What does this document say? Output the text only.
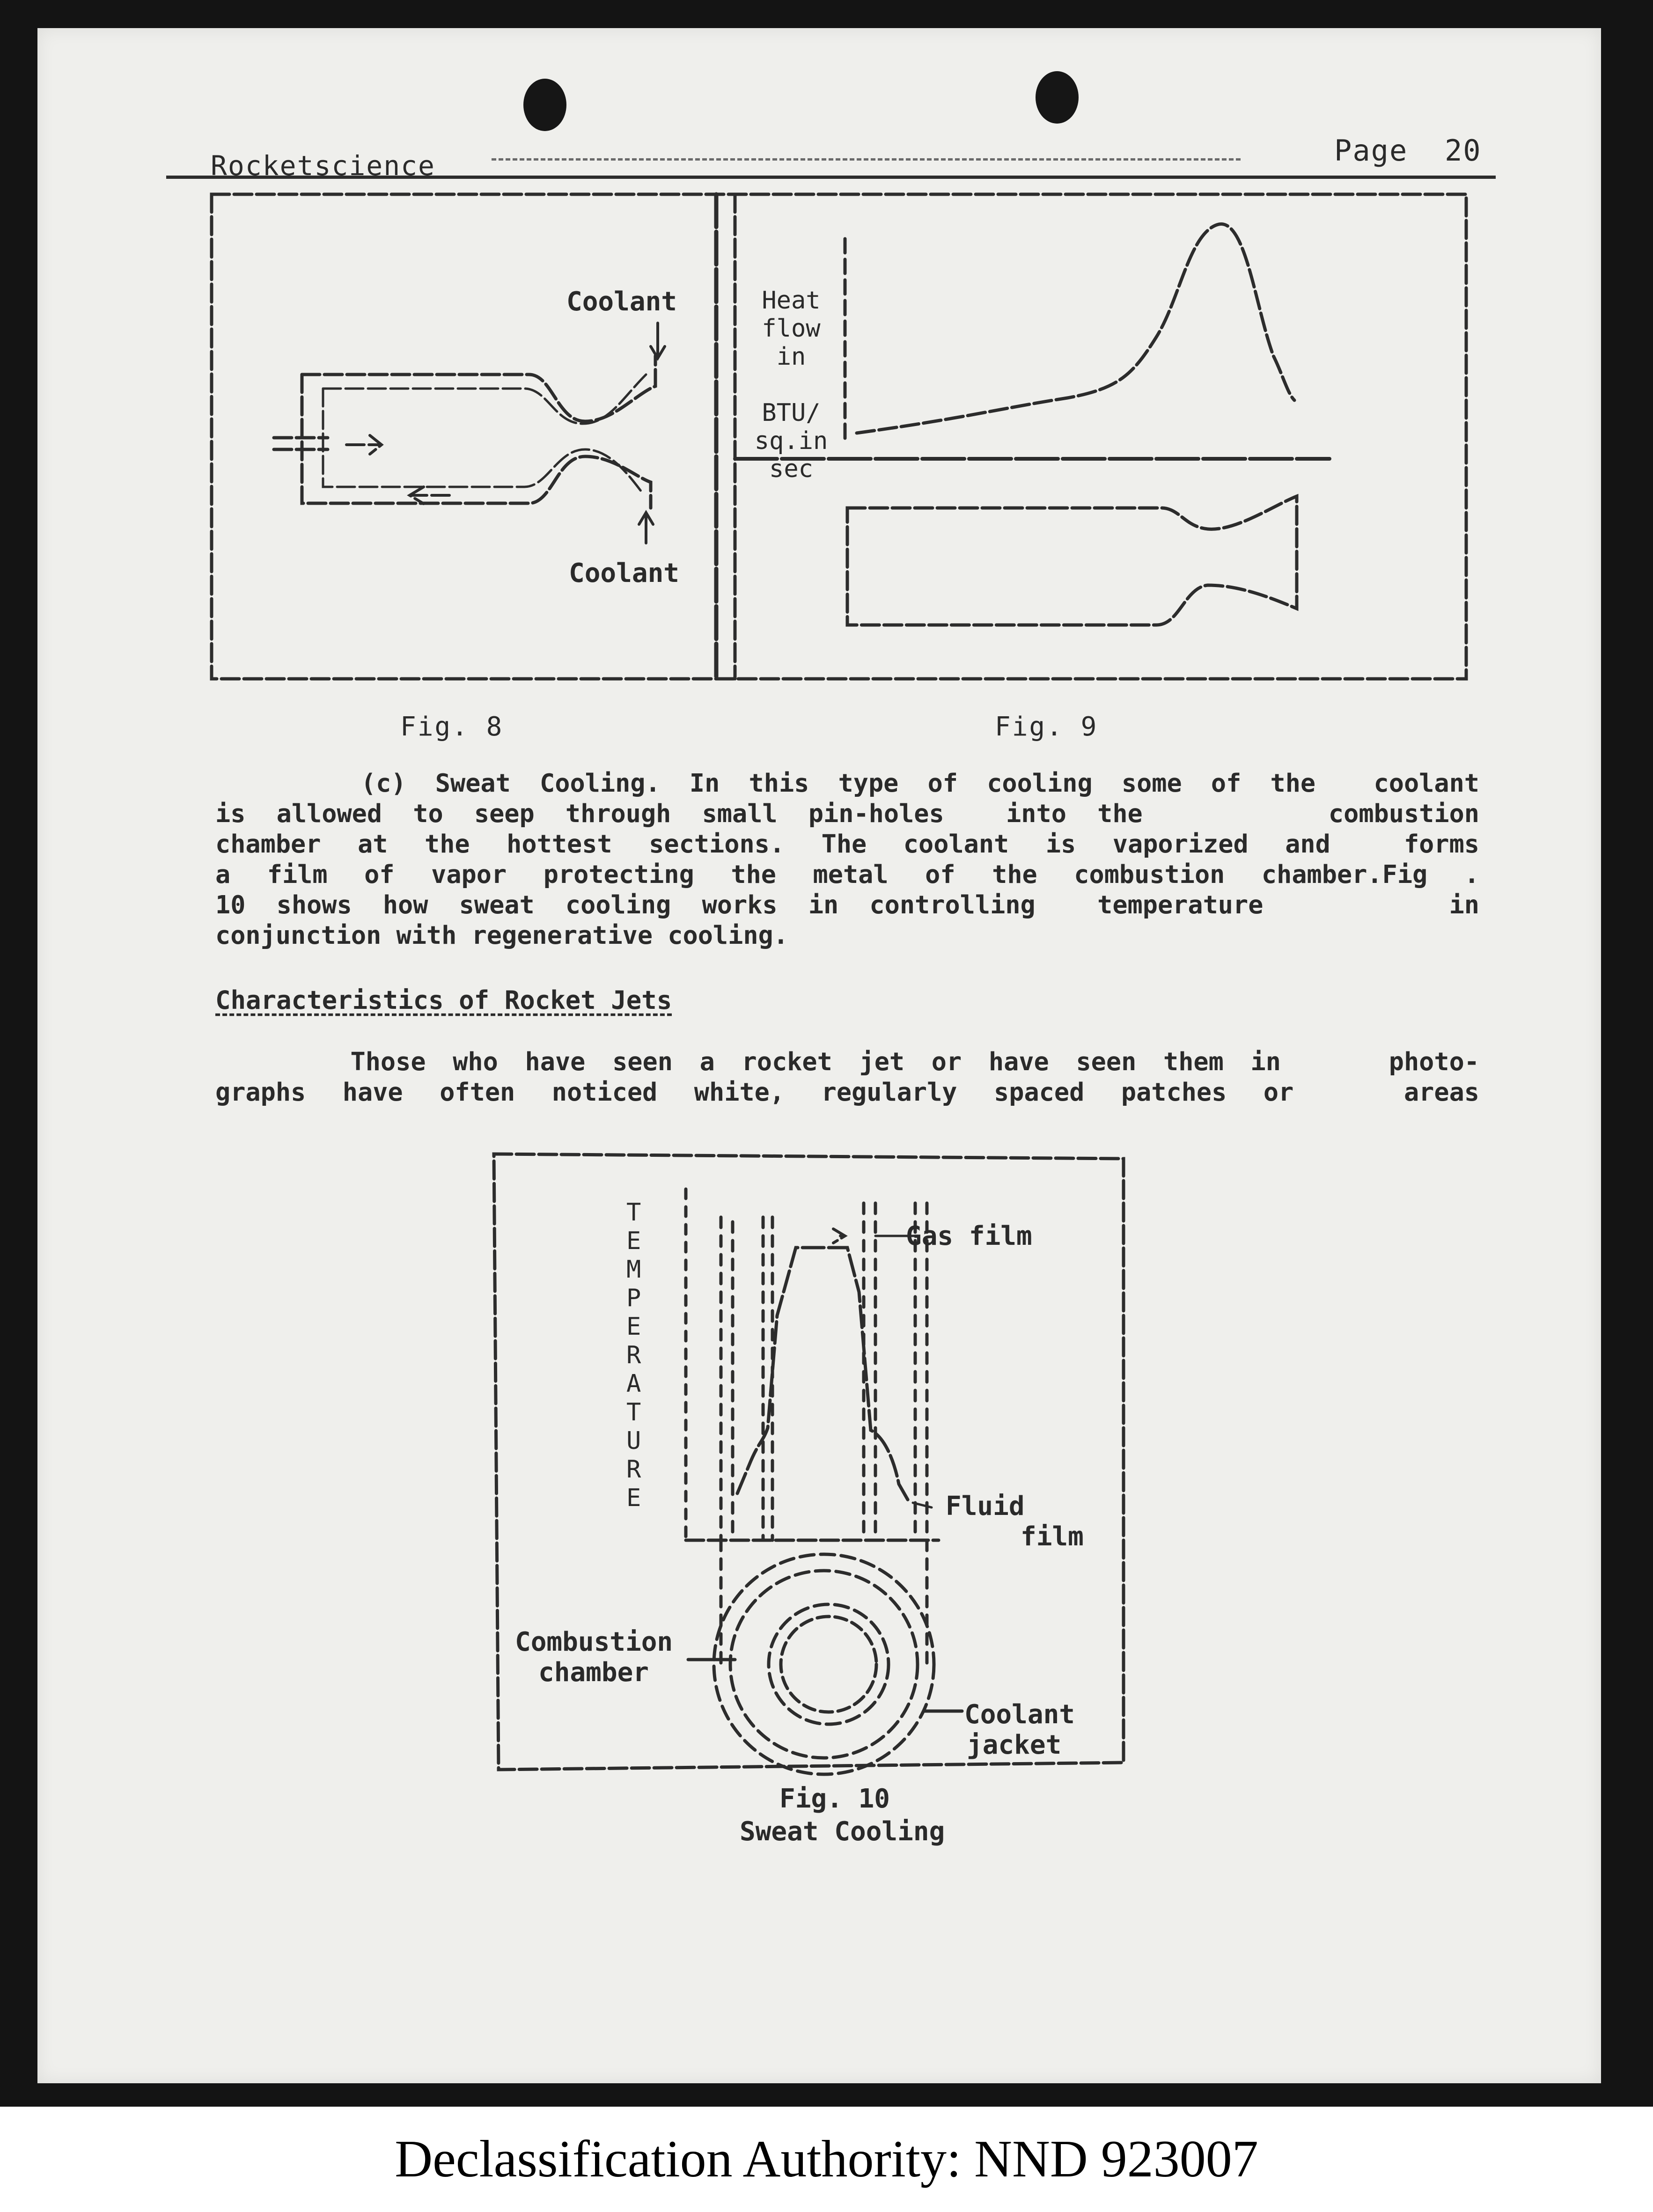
Rocketscience	Page  20
Coolant
Coolant
Fig. 8
Heat
flow
in
BTU/
sq.in
sec
Fig. 9
(c) Sweat Cooling. In this type of cooling some of the  coolant
is allowed to seep through small pin-holes  into the      combustion
chamber at the hottest sections. The coolant is vaporized and  forms
a film of vapor protecting the metal of the combustion chamber.Fig .
10 shows how sweat cooling works in controlling  temperature      in
conjunction with regenerative cooling.
Characteristics of Rocket Jets
Those who have seen a rocket jet or have seen them in    photo-
graphs have often noticed white, regularly spaced patches or   areas
TEMPERATURE
Gas film
Fluid
film
Combustion
chamber
Coolant
jacket
Fig. 10
Sweat Cooling
Declassification Authority: NND 923007
